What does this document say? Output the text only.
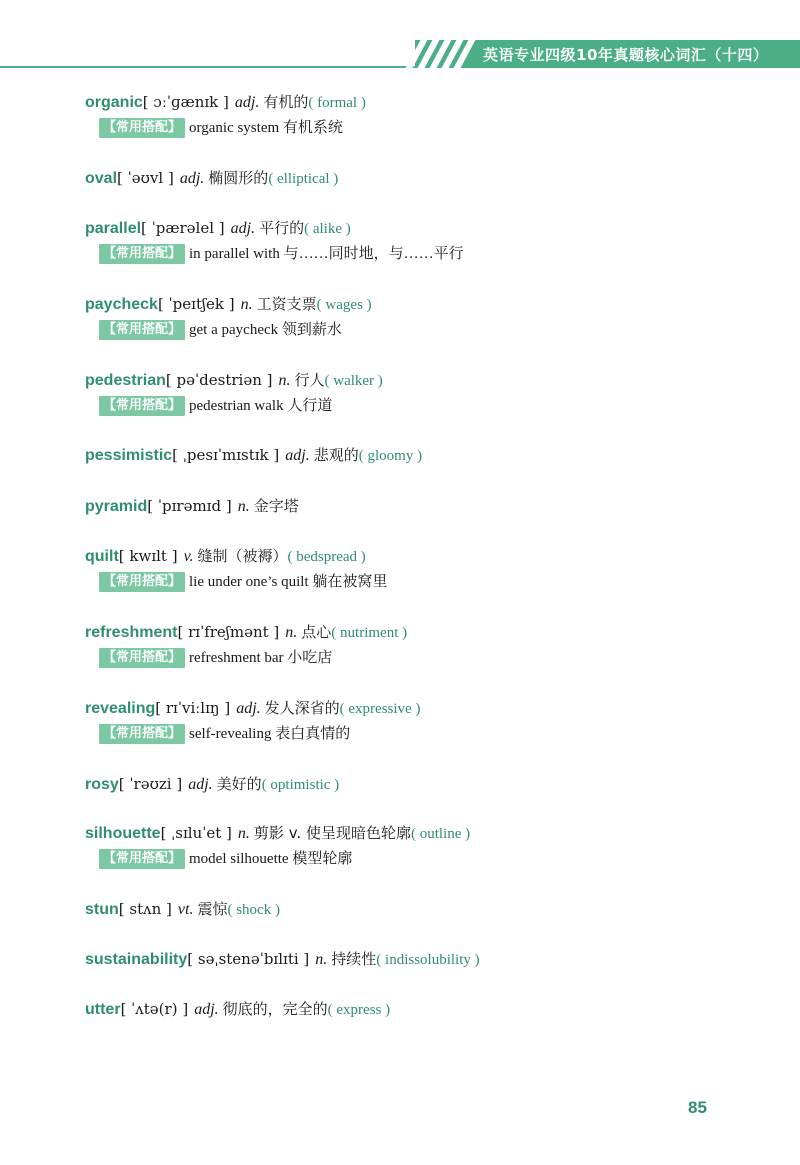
英语专业四级10年真题核心词汇（十四）
organic[ ɔːˈɡænɪk ] adj. 有机的( formal )
【常用搭配】 organic system 有机系统
oval[ ˈəʊvl ] adj. 椭圆形的( elliptical )
parallel[ ˈpærəlel ] adj. 平行的( alike )
【常用搭配】 in parallel with 与……同时地，与……平行
paycheck[ ˈpeɪtʃek ] n. 工资支票( wages )
【常用搭配】 get a paycheck 领到薪水
pedestrian[ pəˈdestriən ] n. 行人( walker )
【常用搭配】 pedestrian walk 人行道
pessimistic[ ˌpesɪˈmɪstɪk ] adj. 悲观的( gloomy )
pyramid[ ˈpɪrəmɪd ] n. 金字塔
quilt[ kwɪlt ] v. 缝制（被褥）( bedspread )
【常用搭配】 lie under one’s quilt 躺在被窝里
refreshment[ rɪˈfreʃmənt ] n. 点心( nutriment )
【常用搭配】 refreshment bar 小吃店
revealing[ rɪˈviːlɪŋ ] adj. 发人深省的( expressive )
【常用搭配】 self-revealing 表白真情的
rosy[ ˈrəʊzi ] adj. 美好的( optimistic )
silhouette[ ˌsɪluˈet ] n. 剪影 v. 使呈现暗色轮廓( outline )
【常用搭配】 model silhouette 模型轮廓
stun[ stʌn ] vt. 震惊( shock )
sustainability[ səˌstenəˈbɪlɪti ] n. 持续性( indissolubility )
utter[ ˈʌtə(r) ] adj. 彻底的，完全的( express )
85
